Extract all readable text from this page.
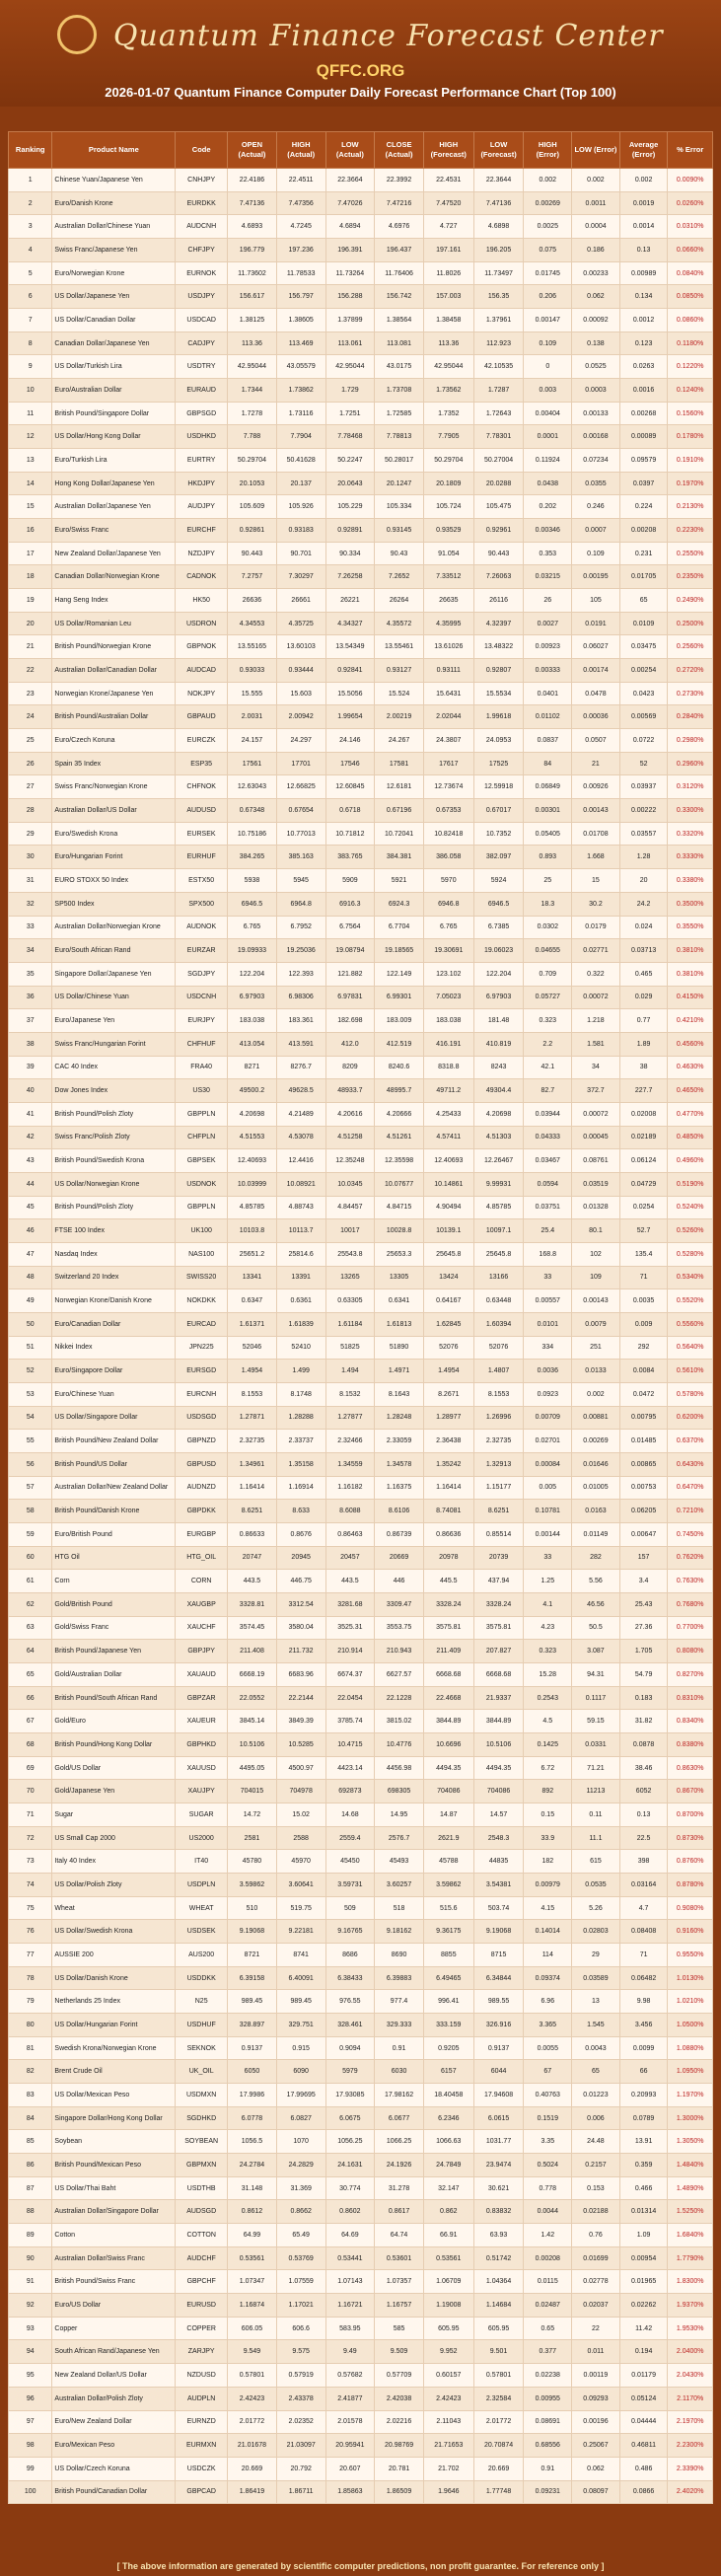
Quantum Finance Forecast Center
QFFC.ORG
2026-01-07 Quantum Finance Computer Daily Forecast Performance Chart (Top 100)
Ranking	Product Name	Code	OPEN (Actual)	HIGH (Actual)	LOW (Actual)	CLOSE (Actual)	HIGH (Forecast)	LOW (Forecast)	HIGH (Error)	LOW (Error)	Average (Error)	% Error
1	Chinese Yuan/Japanese Yen	CNHJPY	22.4186	22.4511	22.3664	22.3992	22.4531	22.3644	0.002	0.002	0.002	0.0090%
2	Euro/Danish Krone	EURDKK	7.47136	7.47356	7.47026	7.47216	7.47520	7.47136	0.00269	0.0011	0.0019	0.0260%
3	Australian Dollar/Chinese Yuan	AUDCNH	4.6893	4.7245	4.6894	4.6976	4.727	4.6898	0.0025	0.0004	0.0014	0.0310%
4	Swiss Franc/Japanese Yen	CHFJPY	196.779	197.236	196.391	196.437	197.161	196.205	0.075	0.186	0.13	0.0660%
5	Euro/Norwegian Krone	EURNOK	11.73602	11.78533	11.73264	11.76406	11.8026	11.73497	0.01745	0.00233	0.00989	0.0840%
6	US Dollar/Japanese Yen	USDJPY	156.617	156.797	156.288	156.742	157.003	156.35	0.206	0.062	0.134	0.0850%
7	US Dollar/Canadian Dollar	USDCAD	1.38125	1.38605	1.37899	1.38564	1.38458	1.37961	0.00147	0.00092	0.0012	0.0860%
8	Canadian Dollar/Japanese Yen	CADJPY	113.36	113.469	113.061	113.081	113.36	112.923	0.109	0.138	0.123	0.1180%
9	US Dollar/Turkish Lira	USDTRY	42.95044	43.05579	42.95044	43.0175	42.95044	42.10535	0	0.0525	0.0263	0.1220%
10	Euro/Australian Dollar	EURAUD	1.7344	1.73862	1.729	1.73708	1.73562	1.7287	0.003	0.0003	0.0016	0.1240%
11	British Pound/Singapore Dollar	GBPSGD	1.7278	1.73116	1.7251	1.72585	1.7352	1.72643	0.00404	0.00133	0.00268	0.1560%
12	US Dollar/Hong Kong Dollar	USDHKD	7.788	7.7904	7.78468	7.78813	7.7905	7.78301	0.0001	0.00168	0.00089	0.1780%
13	Euro/Turkish Lira	EURTRY	50.29704	50.41628	50.2247	50.28017	50.29704	50.27004	0.11924	0.07234	0.09579	0.1910%
14	Hong Kong Dollar/Japanese Yen	HKDJPY	20.1053	20.137	20.0643	20.1247	20.1809	20.0288	0.0438	0.0355	0.0397	0.1970%
15	Australian Dollar/Japanese Yen	AUDJPY	105.609	105.926	105.229	105.334	105.724	105.475	0.202	0.246	0.224	0.2130%
16	Euro/Swiss Franc	EURCHF	0.92861	0.93183	0.92891	0.93145	0.93529	0.92961	0.00346	0.0007	0.00208	0.2230%
17	New Zealand Dollar/Japanese Yen	NZDJPY	90.443	90.701	90.334	90.43	91.054	90.443	0.353	0.109	0.231	0.2550%
18	Canadian Dollar/Norwegian Krone	CADNOK	7.2757	7.30297	7.26258	7.2652	7.33512	7.26063	0.03215	0.00195	0.01705	0.2350%
19	Hang Seng Index	HK50	26636	26661	26221	26264	26635	26116	26	105	65	0.2490%
20	US Dollar/Romanian Leu	USDRON	4.34553	4.35725	4.34327	4.35572	4.35995	4.32397	0.0027	0.0191	0.0109	0.2500%
21	British Pound/Norwegian Krone	GBPNOK	13.55165	13.60103	13.54349	13.55461	13.61026	13.48322	0.00923	0.06027	0.03475	0.2560%
22	Australian Dollar/Canadian Dollar	AUDCAD	0.93033	0.93444	0.92841	0.93127	0.93111	0.92807	0.00333	0.00174	0.00254	0.2720%
23	Norwegian Krone/Japanese Yen	NOKJPY	15.555	15.603	15.5056	15.524	15.6431	15.5534	0.0401	0.0478	0.0423	0.2730%
24	British Pound/Australian Dollar	GBPAUD	2.0031	2.00942	1.99654	2.00219	2.02044	1.99618	0.01102	0.00036	0.00569	0.2840%
25	Euro/Czech Koruna	EURCZK	24.157	24.297	24.146	24.267	24.3807	24.0953	0.0837	0.0507	0.0722	0.2980%
26	Spain 35 Index	ESP35	17561	17701	17546	17581	17617	17525	84	21	52	0.2960%
27	Swiss Franc/Norwegian Krone	CHFNOK	12.63043	12.66825	12.60845	12.6181	12.73674	12.59918	0.06849	0.00926	0.03937	0.3120%
28	Australian Dollar/US Dollar	AUDUSD	0.67348	0.67654	0.6718	0.67196	0.67353	0.67017	0.00301	0.00143	0.00222	0.3300%
29	Euro/Swedish Krona	EURSEK	10.75186	10.77013	10.71812	10.72041	10.82418	10.7352	0.05405	0.01708	0.03557	0.3320%
30	Euro/Hungarian Forint	EURHUF	384.265	385.163	383.765	384.381	386.058	382.097	0.893	1.668	1.28	0.3330%
31	EURO STOXX 50 Index	ESTX50	5938	5945	5909	5921	5970	5924	25	15	20	0.3380%
32	SP500 Index	SPX500	6946.5	6964.8	6916.3	6924.3	6946.8	6946.5	18.3	30.2	24.2	0.3500%
33	Australian Dollar/Norwegian Krone	AUDNOK	6.765	6.7952	6.7564	6.7704	6.765	6.7385	0.0302	0.0179	0.024	0.3550%
34	Euro/South African Rand	EURZAR	19.09933	19.25036	19.08794	19.18565	19.30691	19.06023	0.04655	0.02771	0.03713	0.3810%
35	Singapore Dollar/Japanese Yen	SGDJPY	122.204	122.393	121.882	122.149	123.102	122.204	0.709	0.322	0.465	0.3810%
36	US Dollar/Chinese Yuan	USDCNH	6.97903	6.98306	6.97831	6.99301	7.05023	6.97903	0.05727	0.00072	0.029	0.4150%
37	Euro/Japanese Yen	EURJPY	183.038	183.361	182.698	183.009	183.038	181.48	0.323	1.218	0.77	0.4210%
38	Swiss Franc/Hungarian Forint	CHFHUF	413.054	413.591	412.0	412.519	416.191	410.819	2.2	1.581	1.89	0.4560%
39	CAC 40 Index	FRA40	8271	8276.7	8209	8240.6	8318.8	8243	42.1	34	38	0.4630%
40	Dow Jones Index	US30	49500.2	49628.5	48933.7	48995.7	49711.2	49304.4	82.7	372.7	227.7	0.4650%
41	British Pound/Polish Zloty	GBPPLN	4.20698	4.21489	4.20616	4.20666	4.25433	4.20698	0.03944	0.00072	0.02008	0.4770%
42	Swiss Franc/Polish Zloty	CHFPLN	4.51553	4.53078	4.51258	4.51261	4.57411	4.51303	0.04333	0.00045	0.02189	0.4850%
43	British Pound/Swedish Krona	GBPSEK	12.40693	12.4416	12.35248	12.35598	12.40693	12.26467	0.03467	0.08761	0.06124	0.4960%
44	US Dollar/Norwegian Krone	USDNOK	10.03999	10.08921	10.0345	10.07677	10.14861	9.99931	0.0594	0.03519	0.04729	0.5190%
45	British Pound/Polish Zloty	GBPPLN	4.85785	4.88743	4.84457	4.84715	4.90494	4.85785	0.03751	0.01328	0.0254	0.5240%
46	FTSE 100 Index	UK100	10103.8	10113.7	10017	10028.8	10139.1	10097.1	25.4	80.1	52.7	0.5260%
47	Nasdaq Index	NAS100	25651.2	25814.6	25543.8	25653.3	25645.8	25645.8	168.8	102	135.4	0.5280%
48	Switzerland 20 Index	SWISS20	13341	13391	13265	13305	13424	13166	33	109	71	0.5340%
49	Norwegian Krone/Danish Krone	NOKDKK	0.6347	0.6361	0.63305	0.6341	0.64167	0.63448	0.00557	0.00143	0.0035	0.5520%
50	Euro/Canadian Dollar	EURCAD	1.61371	1.61839	1.61184	1.61813	1.62845	1.60394	0.0101	0.0079	0.009	0.5560%
51	Nikkei Index	JPN225	52046	52410	51825	51890	52076	52076	334	251	292	0.5640%
52	Euro/Singapore Dollar	EURSGD	1.4954	1.499	1.494	1.4971	1.4954	1.4807	0.0036	0.0133	0.0084	0.5610%
53	Euro/Chinese Yuan	EURCNH	8.1553	8.1748	8.1532	8.1643	8.2671	8.1553	0.0923	0.002	0.0472	0.5780%
54	US Dollar/Singapore Dollar	USDSGD	1.27871	1.28288	1.27877	1.28248	1.28977	1.26996	0.00709	0.00881	0.00795	0.6200%
55	British Pound/New Zealand Dollar	GBPNZD	2.32735	2.33737	2.32466	2.33059	2.36438	2.32735	0.02701	0.00269	0.01485	0.6370%
56	British Pound/US Dollar	GBPUSD	1.34961	1.35158	1.34559	1.34578	1.35242	1.32913	0.00084	0.01646	0.00865	0.6430%
57	Australian Dollar/New Zealand Dollar	AUDNZD	1.16414	1.16914	1.16182	1.16375	1.16414	1.15177	0.005	0.01005	0.00753	0.6470%
58	British Pound/Danish Krone	GBPDKK	8.6251	8.633	8.6088	8.6106	8.74081	8.6251	0.10781	0.0163	0.06205	0.7210%
59	Euro/British Pound	EURGBP	0.86633	0.8676	0.86463	0.86739	0.86636	0.85514	0.00144	0.01149	0.00647	0.7450%
60	HTG Oil	HTG_OIL	20747	20945	20457	20669	20978	20739	33	282	157	0.7620%
61	Corn	CORN	443.5	446.75	443.5	446	445.5	437.94	1.25	5.56	3.4	0.7630%
62	Gold/British Pound	XAUGBP	3328.81	3312.54	3281.68	3309.47	3328.24	3328.24	4.1	46.56	25.43	0.7680%
63	Gold/Swiss Franc	XAUCHF	3574.45	3580.04	3525.31	3553.75	3575.81	3575.81	4.23	50.5	27.36	0.7700%
64	British Pound/Japanese Yen	GBPJPY	211.408	211.732	210.914	210.943	211.409	207.827	0.323	3.087	1.705	0.8080%
65	Gold/Australian Dollar	XAUAUD	6668.19	6683.96	6674.37	6627.57	6668.68	6668.68	15.28	94.31	54.79	0.8270%
66	British Pound/South African Rand	GBPZAR	22.0552	22.2144	22.0454	22.1228	22.4668	21.9337	0.2543	0.1117	0.183	0.8310%
67	Gold/Euro	XAUEUR	3845.14	3849.39	3785.74	3815.02	3844.89	3844.89	4.5	59.15	31.82	0.8340%
68	British Pound/Hong Kong Dollar	GBPHKD	10.5106	10.5285	10.4715	10.4776	10.6696	10.5106	0.1425	0.0331	0.0878	0.8380%
69	Gold/US Dollar	XAUUSD	4495.05	4500.97	4423.14	4456.98	4494.35	4494.35	6.72	71.21	38.46	0.8630%
70	Gold/Japanese Yen	XAUJPY	704015	704978	692873	698305	704086	704086	892	11213	6052	0.8670%
71	Sugar	SUGAR	14.72	15.02	14.68	14.95	14.87	14.57	0.15	0.11	0.13	0.8700%
72	US Small Cap 2000	US2000	2581	2588	2559.4	2576.7	2621.9	2548.3	33.9	11.1	22.5	0.8730%
73	Italy 40 Index	IT40	45780	45970	45450	45493	45788	44835	182	615	398	0.8760%
74	US Dollar/Polish Zloty	USDPLN	3.59862	3.60641	3.59731	3.60257	3.59862	3.54381	0.00979	0.0535	0.03164	0.8780%
75	Wheat	WHEAT	510	519.75	509	518	515.6	503.74	4.15	5.26	4.7	0.9080%
76	US Dollar/Swedish Krona	USDSEK	9.19068	9.22181	9.16765	9.18162	9.36175	9.19068	0.14014	0.02803	0.08408	0.9160%
77	AUSSIE 200	AUS200	8721	8741	8686	8690	8855	8715	114	29	71	0.9550%
78	US Dollar/Danish Krone	USDDKK	6.39158	6.40091	6.38433	6.39883	6.49465	6.34844	0.09374	0.03589	0.06482	1.0130%
79	Netherlands 25 Index	N25	989.45	989.45	976.55	977.4	996.41	989.55	6.96	13	9.98	1.0210%
80	US Dollar/Hungarian Forint	USDHUF	328.897	329.751	328.461	329.333	333.159	326.916	3.365	1.545	3.456	1.0500%
81	Swedish Krona/Norwegian Krone	SEKNOK	0.9137	0.915	0.9094	0.91	0.9205	0.9137	0.0055	0.0043	0.0099	1.0880%
82	Brent Crude Oil	UK_OIL	6050	6090	5979	6030	6157	6044	67	65	66	1.0950%
83	US Dollar/Mexican Peso	USDMXN	17.9986	17.99695	17.93085	17.98162	18.40458	17.94608	0.40763	0.01223	0.20993	1.1970%
84	Singapore Dollar/Hong Kong Dollar	SGDHKD	6.0778	6.0827	6.0675	6.0677	6.2346	6.0615	0.1519	0.006	0.0789	1.3000%
85	Soybean	SOYBEAN	1056.5	1070	1056.25	1066.25	1066.63	1031.77	3.35	24.48	13.91	1.3050%
86	British Pound/Mexican Peso	GBPMXN	24.2784	24.2829	24.1631	24.1926	24.7849	23.9474	0.5024	0.2157	0.359	1.4840%
87	US Dollar/Thai Baht	USDTHB	31.148	31.369	30.774	31.278	32.147	30.621	0.778	0.153	0.466	1.4890%
88	Australian Dollar/Singapore Dollar	AUDSGD	0.8612	0.8662	0.8602	0.8617	0.862	0.83832	0.0044	0.02188	0.01314	1.5250%
89	Cotton	COTTON	64.99	65.49	64.69	64.74	66.91	63.93	1.42	0.76	1.09	1.6840%
90	Australian Dollar/Swiss Franc	AUDCHF	0.53561	0.53769	0.53441	0.53601	0.53561	0.51742	0.00208	0.01699	0.00954	1.7790%
91	British Pound/Swiss Franc	GBPCHF	1.07347	1.07559	1.07143	1.07357	1.06709	1.04364	0.0115	0.02778	0.01965	1.8300%
92	Euro/US Dollar	EURUSD	1.16874	1.17021	1.16721	1.16757	1.19008	1.14684	0.02487	0.02037	0.02262	1.9370%
93	Copper	COPPER	606.05	606.6	583.95	585	605.95	605.95	0.65	22	11.42	1.9530%
94	South African Rand/Japanese Yen	ZARJPY	9.549	9.575	9.49	9.509	9.952	9.501	0.377	0.011	0.194	2.0400%
95	New Zealand Dollar/US Dollar	NZDUSD	0.57801	0.57919	0.57682	0.57709	0.60157	0.57801	0.02238	0.00119	0.01179	2.0430%
96	Australian Dollar/Polish Zloty	AUDPLN	2.42423	2.43378	2.41877	2.42038	2.42423	2.32584	0.00955	0.09293	0.05124	2.1170%
97	Euro/New Zealand Dollar	EURNZD	2.01772	2.02352	2.01578	2.02216	2.11043	2.01772	0.08691	0.00196	0.04444	2.1970%
98	Euro/Mexican Peso	EURMXN	21.01678	21.03097	20.95941	20.98769	21.71653	20.70874	0.68556	0.25067	0.46811	2.2300%
99	US Dollar/Czech Koruna	USDCZK	20.669	20.792	20.607	20.781	21.702	20.669	0.91	0.062	0.486	2.3390%
100	British Pound/Canadian Dollar	GBPCAD	1.86419	1.86711	1.85863	1.86509	1.9646	1.77748	0.09231	0.08097	0.0866	2.4020%
[ The above information are generated by scientific computer predictions, non profit guarantee. For reference only ]
